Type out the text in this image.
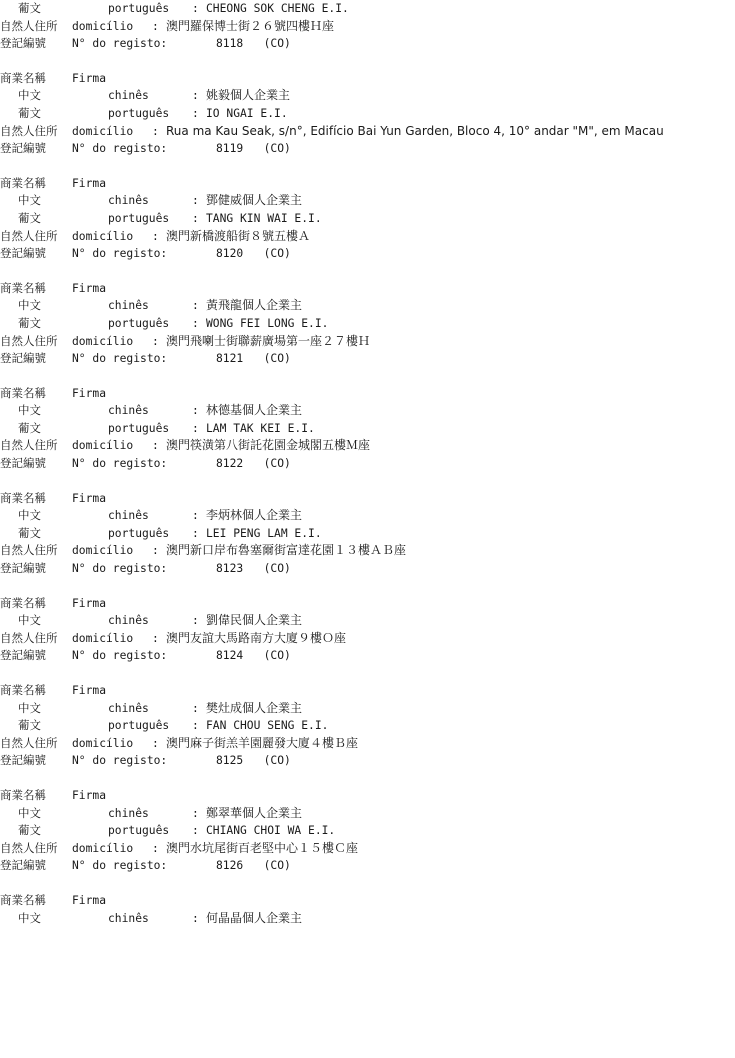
葡文	português : CHEONG SOK CHENG E.I.
自然人住所 domicílio : 澳門羅保博士街２６號四樓Ｈ座
登記編號 N° do registo:	8118   (CO)
商業名稱 Firma
中文	chinês	: 姚毅個人企業主
葡文	português : IO NGAI E.I.
自然人住所 domicílio : Rua ma Kau Seak, s/n°, Edifício Bai Yun Garden, Bloco 4, 10° andar "M", em Macau
登記編號 N° do registo:	8119   (CO)
商業名稱 Firma
中文	chinês	: 鄧健威個人企業主
葡文	português : TANG KIN WAI E.I.
自然人住所 domicílio : 澳門新橋渡船街８號五樓Ａ
登記編號 N° do registo:	8120   (CO)
商業名稱 Firma
中文	chinês	: 黃飛龍個人企業主
葡文	português : WONG FEI LONG E.I.
自然人住所 domicílio : 澳門飛喇士街聯薪廣場第一座２７樓Ｈ
登記編號 N° do registo:	8121   (CO)
商業名稱 Firma
中文	chinês	: 林德基個人企業主
葡文	português : LAM TAK KEI E.I.
自然人住所 domicílio : 澳門筷潢第八街託花園金城閣五樓Ｍ座
登記編號 N° do registo:	8122   (CO)
商業名稱 Firma
中文	chinês	: 李炳林個人企業主
葡文	português : LEI PENG LAM E.I.
自然人住所 domicílio : 澳門新口岸布魯塞爾街富達花園１３樓ＡＢ座
登記編號 N° do registo:	8123   (CO)
商業名稱 Firma
中文	chinês	: 劉偉民個人企業主
自然人住所 domicílio : 澳門友誼大馬路南方大廈９樓Ｏ座
登記編號 N° do registo:	8124   (CO)
商業名稱 Firma
中文	chinês	: 樊灶成個人企業主
葡文	português : FAN CHOU SENG E.I.
自然人住所 domicílio : 澳門麻子街羔羊園麗發大廈４樓Ｂ座
登記編號 N° do registo:	8125   (CO)
商業名稱 Firma
中文	chinês	: 鄭翠華個人企業主
葡文	português : CHIANG CHOI WA E.I.
自然人住所 domicílio : 澳門水坑尾街百老堅中心１５樓Ｃ座
登記編號 N° do registo:	8126   (CO)
商業名稱 Firma
中文	chinês	: 何晶晶個人企業主
